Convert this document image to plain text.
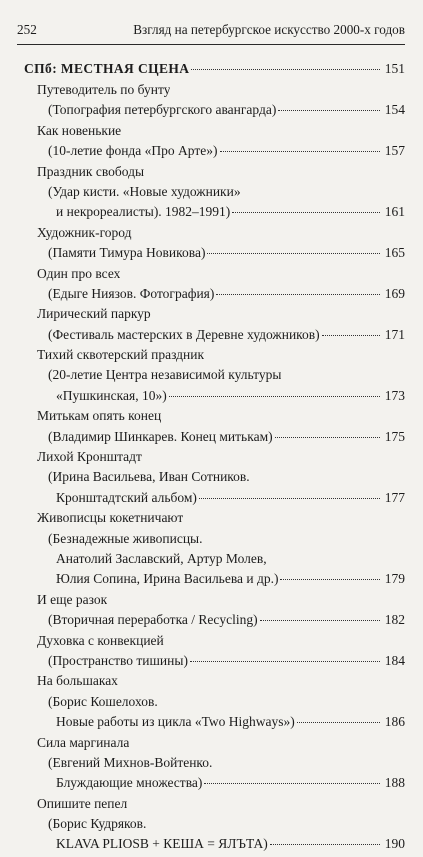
252	Взгляд на петербургское искусство 2000-х годов
СПб: МЕСТНАЯ СЦЕНА	151
Путеводитель по бунту
(Топография петербургского авангарда)	154
Как новенькие
(10-летие фонда «Про Арте»)	157
Праздник свободы
(Удар кисти. «Новые художники»
и некрореалисты). 1982–1991)	161
Художник-город
(Памяти Тимура Новикова)	165
Один про всех
(Едыге Ниязов. Фотография)	169
Лирический паркур
(Фестиваль мастерских в Деревне художников)	171
Тихий сквотерский праздник
(20-летие Центра независимой культуры
«Пушкинская, 10»)	173
Митькам опять конец
(Владимир Шинкарев. Конец митькам)	175
Лихой Кронштадт
(Ирина Васильева, Иван Сотников.
Кронштадтский альбом)	177
Живописцы кокетничают
(Безнадежные живописцы.
Анатолий Заславский, Артур Молев,
Юлия Сопина, Ирина Васильева и др.)	179
И еще разок
(Вторичная переработка / Recycling)	182
Духовка с конвекцией
(Пространство тишины)	184
На большаках
(Борис Кошелохов.
Новые работы из цикла «Two Highways»)	186
Сила маргинала
(Евгений Михнов-Войтенко.
Блуждающие множества)	188
Опишите пепел
(Борис Кудряков.
KLAVA PLIOSB + КЕША = ЯЛЪТА)	190
